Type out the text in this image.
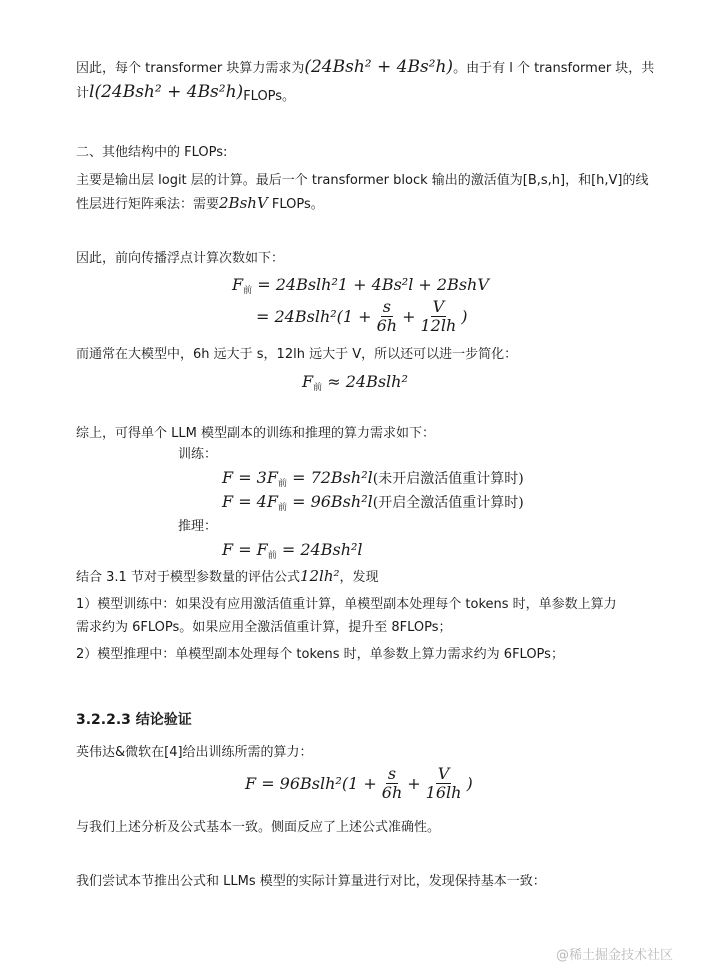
因此，每个 transformer 块算力需求为(24Bsh² + 4Bs²h)。由于有 l 个 transformer 块，共
计l(24Bsh² + 4Bs²h)FLOPs。
二、其他结构中的 FLOPs:
主要是输出层 logit 层的计算。最后一个 transformer block 输出的激活值为[B,s,h]，和[h,V]的线
性层进行矩阵乘法：需要2BshV FLOPs。
因此，前向传播浮点计算次数如下：
$F_前$ = 24Bslh²1 + 4Bs²l + 2BshV
= 24Bslh²(1 + $\frac{s}{6h} + \frac{V}{12lh}$ )
而通常在大模型中，6h 远大于 s，12lh 远大于 V，所以还可以进一步简化：
$F_前$ ≈ 24Bslh²
综上，可得单个 LLM 模型副本的训练和推理的算力需求如下：
训练：
$F = 3F_前 = 72Bsh^2l$(未开启激活值重计算时)
$F = 4F_前 = 96Bsh^2l$(开启全激活值重计算时)
推理：
$F = F_前 = 24Bsh^2l$
结合 3.1 节对于模型参数量的评估公式12lh²，发现
1）模型训练中：如果没有应用激活值重计算，单模型副本处理每个 tokens 时，单参数上算力
需求约为 6FLOPs。如果应用全激活值重计算，提升至 8FLOPs；
2）模型推理中：单模型副本处理每个 tokens 时，单参数上算力需求约为 6FLOPs；
3.2.2.3 结论验证
英伟达&微软在[4]给出训练所需的算力：
F = 96Bslh²(1 + $\frac{s}{6h} + \frac{V}{16lh}$ )
与我们上述分析及公式基本一致。侧面反应了上述公式准确性。
我们尝试本节推出公式和 LLMs 模型的实际计算量进行对比，发现保持基本一致：
@稀土掘金技术社区
